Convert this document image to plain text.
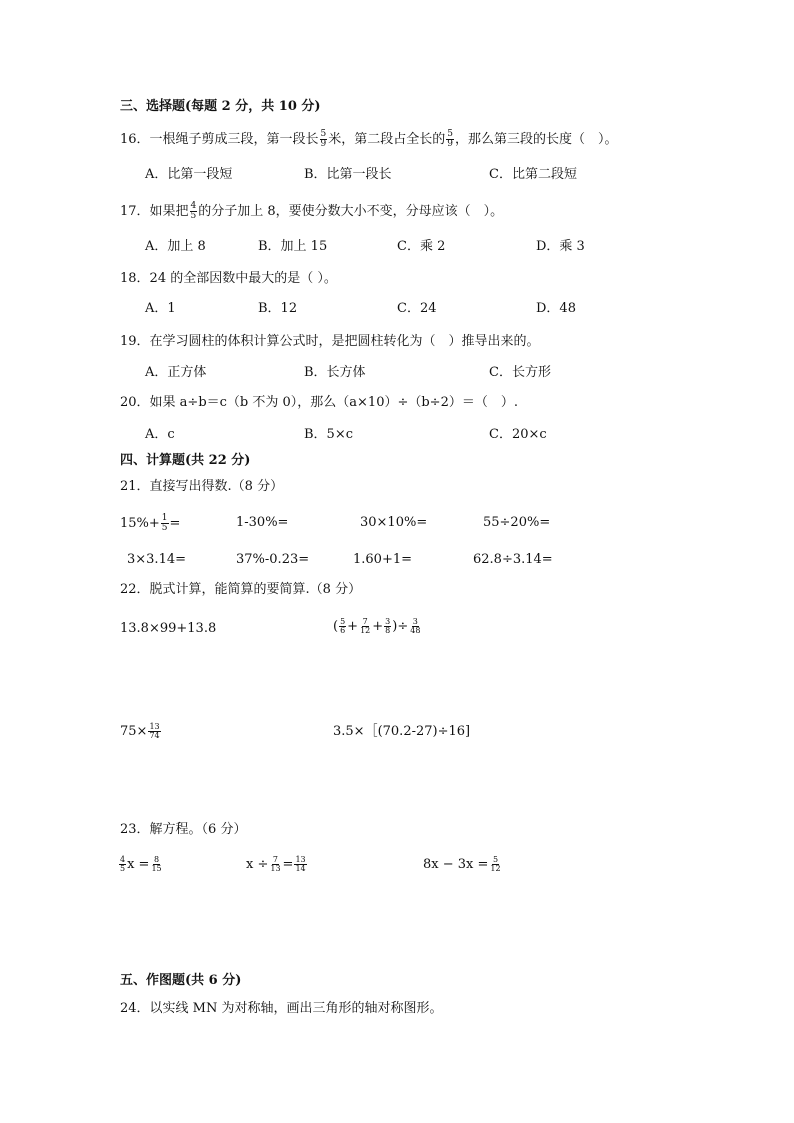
三、选择题(每题 2 分，共 10 分)
16．一根绳子剪成三段，第一段长 $\frac{5}{9}$ 米，第二段占全长的 $\frac{5}{9}$ ，那么第三段的长度（　）。
A．比第一段短	B．比第一段长	C．比第二段短
17．如果把 $\frac{4}{5}$ 的分子加上 8，要使分数大小不变，分母应该（　）。
A．加上 8	B．加上 15	C．乘 2	D．乘 3
18．24 的全部因数中最大的是（ ）。
A．1	B．12	C．24	D．48
19．在学习圆柱的体积计算公式时，是把圆柱转化为（　）推导出来的。
A．正方体	B．长方体	C．长方形
20．如果 a÷b＝c（b 不为 0），那么（a×10）÷（b÷2）＝（　）.
A．c	B．5×c	C．20×c
四、计算题(共 22 分)
21．直接写出得数.（8 分）
$15\%+ \frac{1}{5}$ =	1-30%=	30×10%=	55÷20%=
3×3.14=	37%-0.23=	1.60+1=	62.8÷3.14=
22．脱式计算，能简算的要简算.（8 分）
13.8×99+13.8	( $\frac{5}{6} + \frac{7}{12} + \frac{3}{8}$ )÷ $\frac{3}{48}$
$75\times \frac{13}{74}$	3.5×［(70.2-27)÷16]
23．解方程。（6 分）
$\frac{4}{5}$ $x = \frac{8}{15}$	$x \div \frac{7}{13} = \frac{13}{14}$	$8x - 3x = \frac{5}{12}$
五、作图题(共 6 分)
24．以实线 MN 为对称轴，画出三角形的轴对称图形。
